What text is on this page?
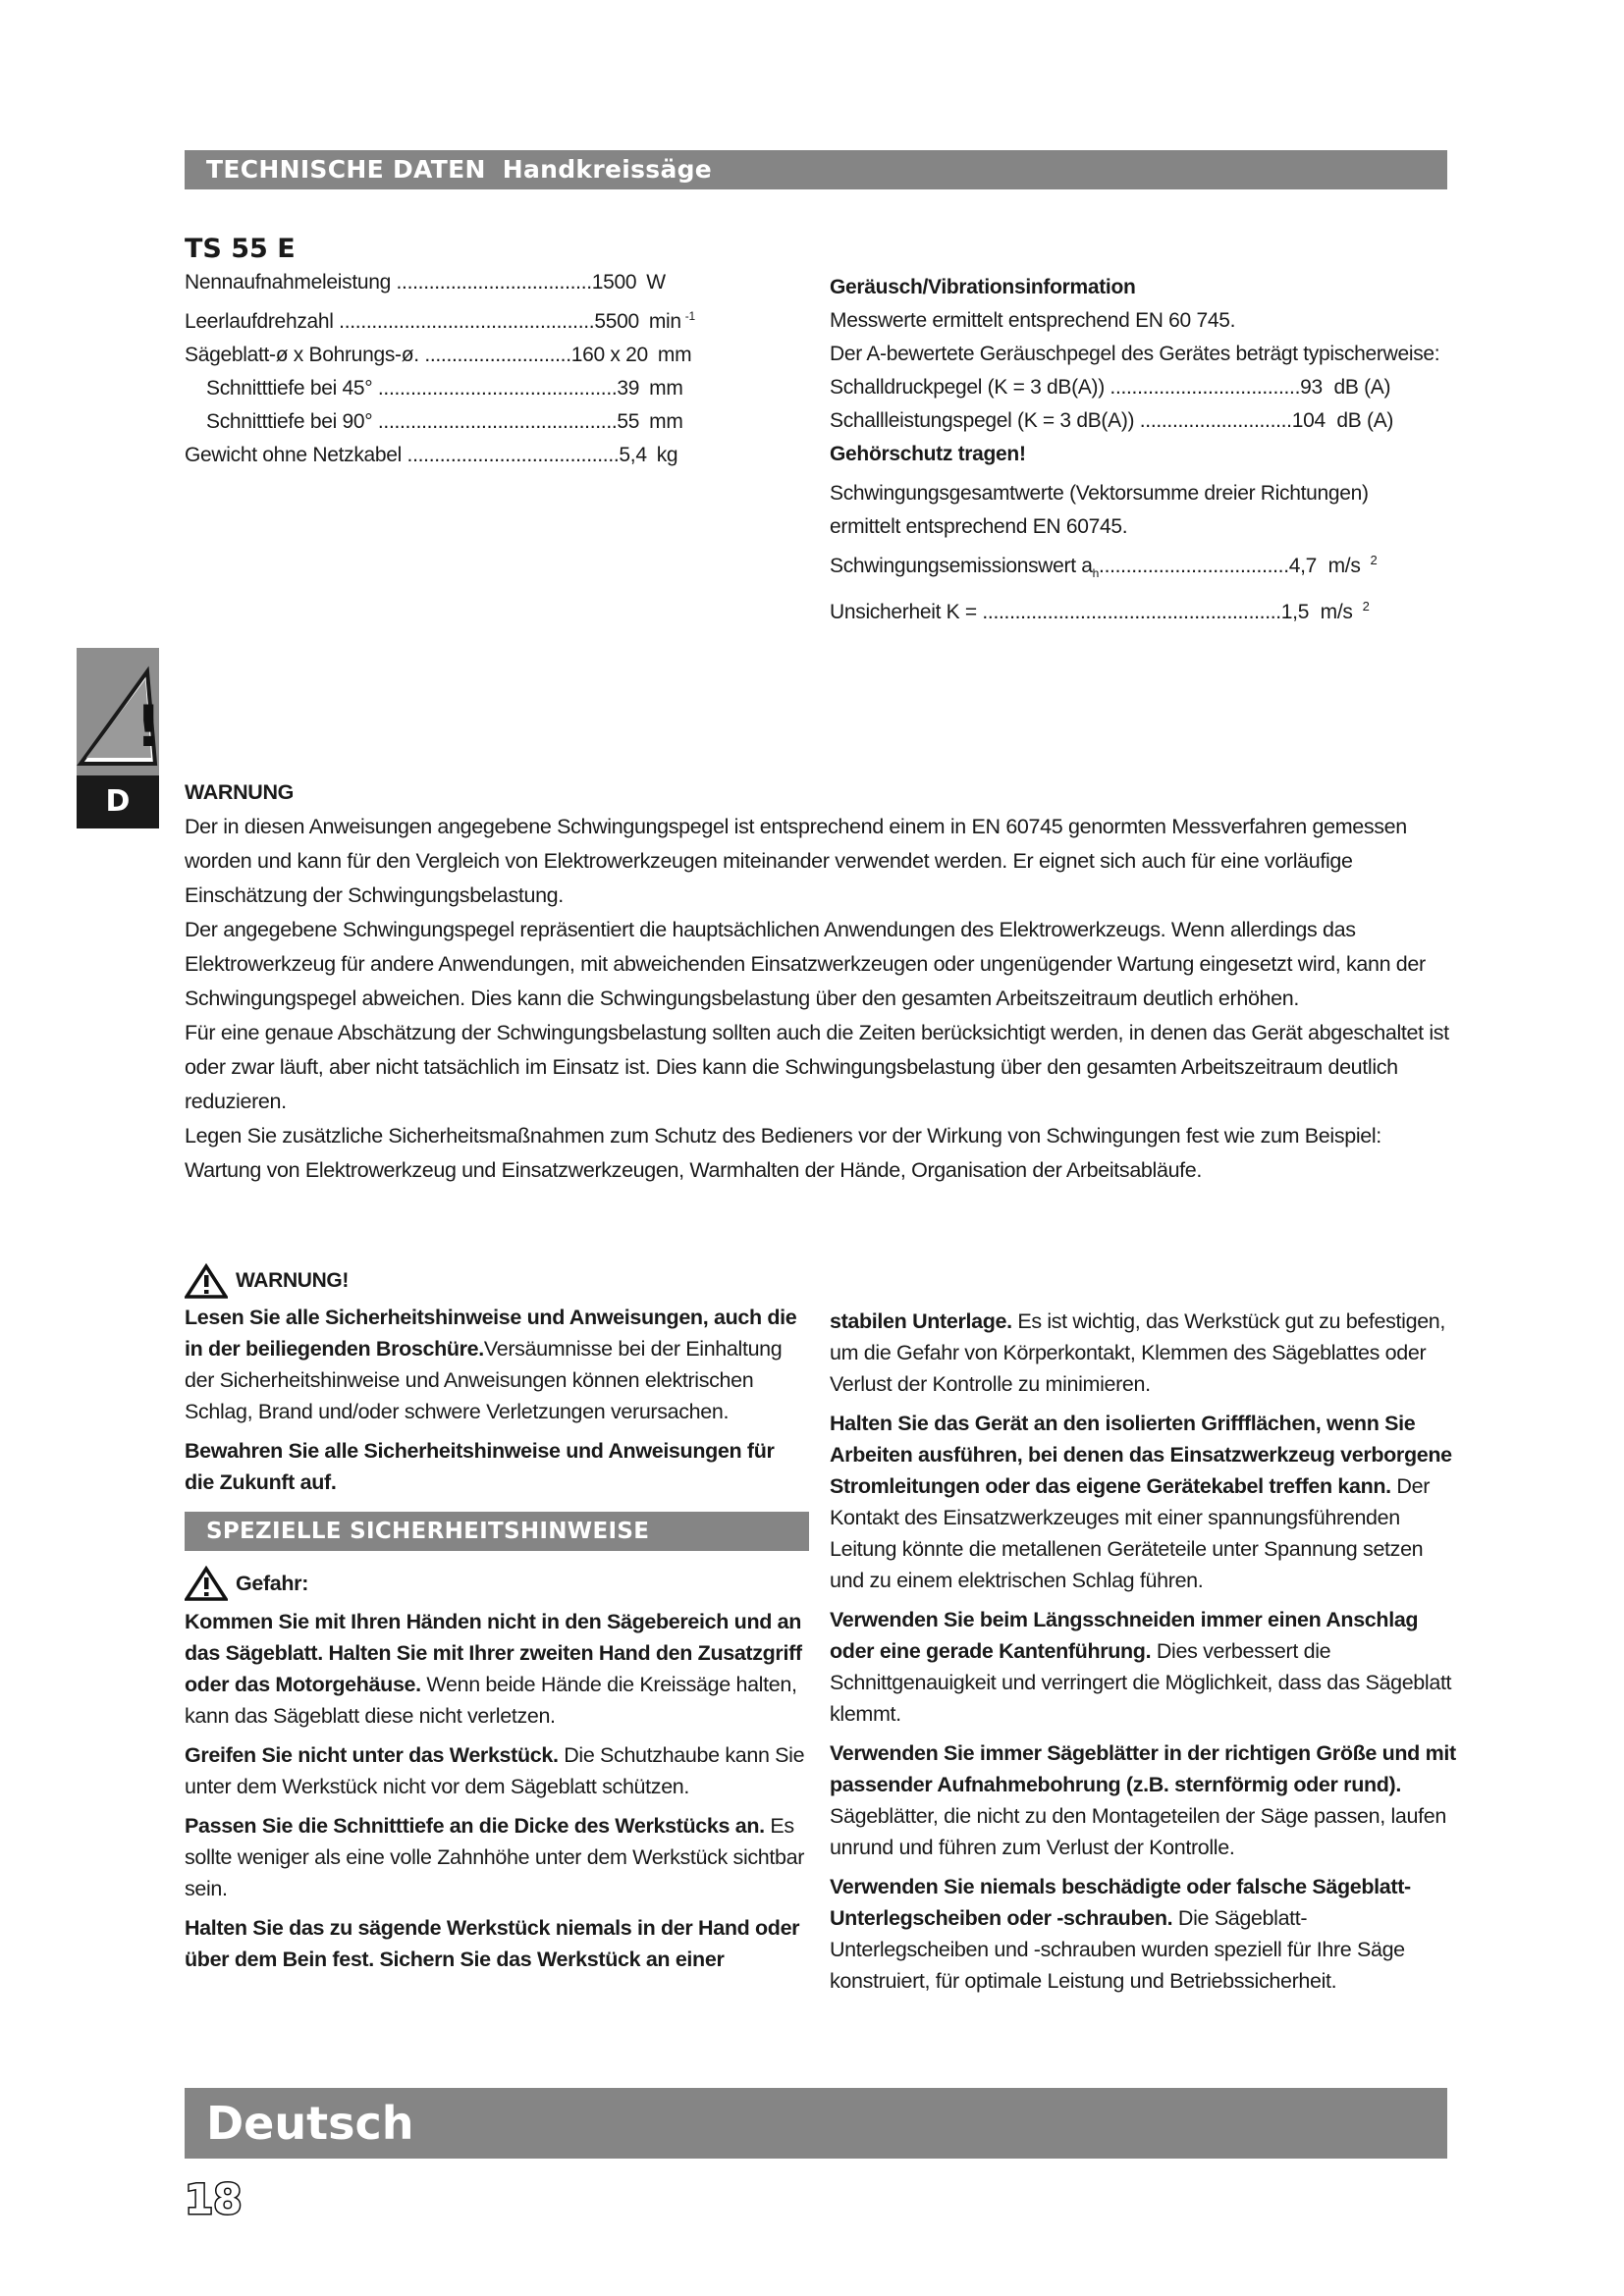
TECHNISCHE DATEN Handkreissäge
TS 55 E
Nennaufnahmeleistung ....................................1500 W
Leerlaufdrehzahl ...............................................5500 min $^{-1}$
Sägeblatt-ø x Bohrungs-ø. ...........................160 x 20 mm
Schnitttiefe bei 45° ............................................39 mm
Schnitttiefe bei 90° ............................................55 mm
Gewicht ohne Netzkabel .......................................5,4 kg
Geräusch/Vibrationsinformation
Messwerte ermittelt entsprechend EN 60 745.
Der A-bewertete Geräuschpegel des Gerätes beträgt typischerweise:
Schalldruckpegel (K = 3 dB(A)) ...................................93 dB (A)
Schallleistungspegel (K = 3 dB(A)) ............................104 dB (A)
Gehörschutz tragen!
Schwingungsgesamtwerte (Vektorsumme dreier Richtungen)
ermittelt entsprechend EN 60745.
Schwingungsemissionswert $a_h...................................4,7$ m/s $^2$
Unsicherheit K = .......................................................1,5 m/s $^2$
!
D	WARNUNG

Der in diesen Anweisungen angegebene Schwingungspegel ist entsprechend einem in EN 60745 genormten Messverfahren gemessen worden und kann für den Vergleich von Elektrowerkzeugen miteinander verwendet werden. Er eignet sich auch für eine vorläufige Einschätzung der Schwingungsbelastung.

Der angegebene Schwingungspegel repräsentiert die hauptsächlichen Anwendungen des Elektrowerkzeugs. Wenn allerdings das Elektrowerkzeug für andere Anwendungen, mit abweichenden Einsatzwerkzeugen oder ungenügender Wartung eingesetzt wird, kann der Schwingungspegel abweichen. Dies kann die Schwingungsbelastung über den gesamten Arbeitszeitraum deutlich erhöhen.

Für eine genaue Abschätzung der Schwingungsbelastung sollten auch die Zeiten berücksichtigt werden, in denen das Gerät abgeschaltet ist oder zwar läuft, aber nicht tatsächlich im Einsatz ist. Dies kann die Schwingungsbelastung über den gesamten Arbeitszeitraum deutlich reduzieren.

Legen Sie zusätzliche Sicherheitsmaßnahmen zum Schutz des Bedieners vor der Wirkung von Schwingungen fest wie zum Beispiel: Wartung von Elektrowerkzeug und Einsatzwerkzeugen, Warmhalten der Hände, Organisation der Arbeitsabläufe.

WARNUNG!

Lesen Sie alle Sicherheitshinweise und Anweisungen, auch die in der beiliegenden Broschüre.Versäumnisse bei der Einhaltung der Sicherheitshinweise und Anweisungen können elektrischen Schlag, Brand und/oder schwere Verletzungen verursachen.

Bewahren Sie alle Sicherheitshinweise und Anweisungen für die Zukunft auf.

SPEZIELLE SICHERHEITSHINWEISE
Gefahr:

Kommen Sie mit Ihren Händen nicht in den Sägebereich und an das Sägeblatt. Halten Sie mit Ihrer zweiten Hand den Zusatzgriff oder das Motorgehäuse. Wenn beide Hände die Kreissäge halten, kann das Sägeblatt diese nicht verletzen.

Greifen Sie nicht unter das Werkstück. Die Schutzhaube kann Sie unter dem Werkstück nicht vor dem Sägeblatt schützen.

Passen Sie die Schnitttiefe an die Dicke des Werkstücks an. Es sollte weniger als eine volle Zahnhöhe unter dem Werkstück sichtbar sein.

Halten Sie das zu sägende Werkstück niemals in der Hand oder über dem Bein fest. Sichern Sie das Werkstück an einer

stabilen Unterlage. Es ist wichtig, das Werkstück gut zu befestigen, um die Gefahr von Körperkontakt, Klemmen des Sägeblattes oder Verlust der Kontrolle zu minimieren.

Halten Sie das Gerät an den isolierten Griffflächen, wenn Sie Arbeiten ausführen, bei denen das Einsatzwerkzeug verborgene Stromleitungen oder das eigene Gerätekabel treffen kann. Der Kontakt des Einsatzwerkzeuges mit einer spannungsführenden Leitung könnte die metallenen Geräteteile unter Spannung setzen und zu einem elektrischen Schlag führen.

Verwenden Sie beim Längsschneiden immer einen Anschlag oder eine gerade Kantenführung. Dies verbessert die Schnittgenauigkeit und verringert die Möglichkeit, dass das Sägeblatt klemmt.

Verwenden Sie immer Sägeblätter in der richtigen Größe und mit passender Aufnahmebohrung (z.B. sternförmig oder rund). Sägeblätter, die nicht zu den Montageteilen der Säge passen, laufen unrund und führen zum Verlust der Kontrolle.

Verwenden Sie niemals beschädigte oder falsche Sägeblatt-Unterlegscheiben oder -schrauben. Die Sägeblatt-Unterlegscheiben und -schrauben wurden speziell für Ihre Säge konstruiert, für optimale Leistung und Betriebssicherheit.

Deutsch
18
